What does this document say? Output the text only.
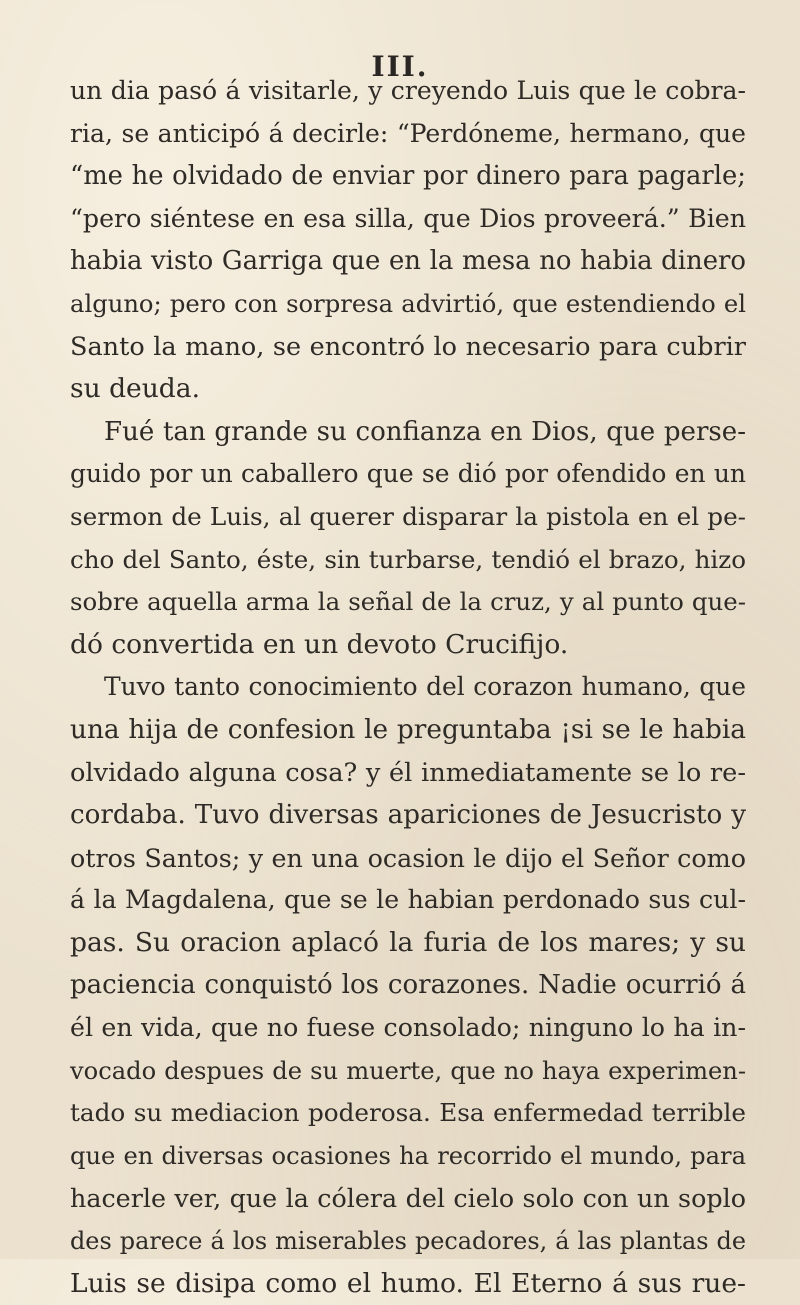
III.
un dia pasó á visitarle, y creyendo Luis que le cobra-
ria, se anticipó á decirle: “Perdóneme, hermano, que
“me he olvidado de enviar por dinero para pagarle;
“pero siéntese en esa silla, que Dios proveerá.” Bien
habia visto Garriga que en la mesa no habia dinero
alguno; pero con sorpresa advirtió, que estendiendo el
Santo la mano, se encontró lo necesario para cubrir
su deuda.
Fué tan grande su confianza en Dios, que perse-
guido por un caballero que se dió por ofendido en un
sermon de Luis, al querer disparar la pistola en el pe-
cho del Santo, éste, sin turbarse, tendió el brazo, hizo
sobre aquella arma la señal de la cruz, y al punto que-
dó convertida en un devoto Crucifijo.
Tuvo tanto conocimiento del corazon humano, que
una hija de confesion le preguntaba ¡si se le habia
olvidado alguna cosa? y él inmediatamente se lo re-
cordaba. Tuvo diversas apariciones de Jesucristo y
otros Santos; y en una ocasion le dijo el Señor como
á la Magdalena, que se le habian perdonado sus cul-
pas. Su oracion aplacó la furia de los mares; y su
paciencia conquistó los corazones. Nadie ocurrió á
él en vida, que no fuese consolado; ninguno lo ha in-
vocado despues de su muerte, que no haya experimen-
tado su mediacion poderosa. Esa enfermedad terrible
que en diversas ocasiones ha recorrido el mundo, para
hacerle ver, que la cólera del cielo solo con un soplo
des parece á los miserables pecadores, á las plantas de
Luis se disipa como el humo. El Eterno á sus rue-
